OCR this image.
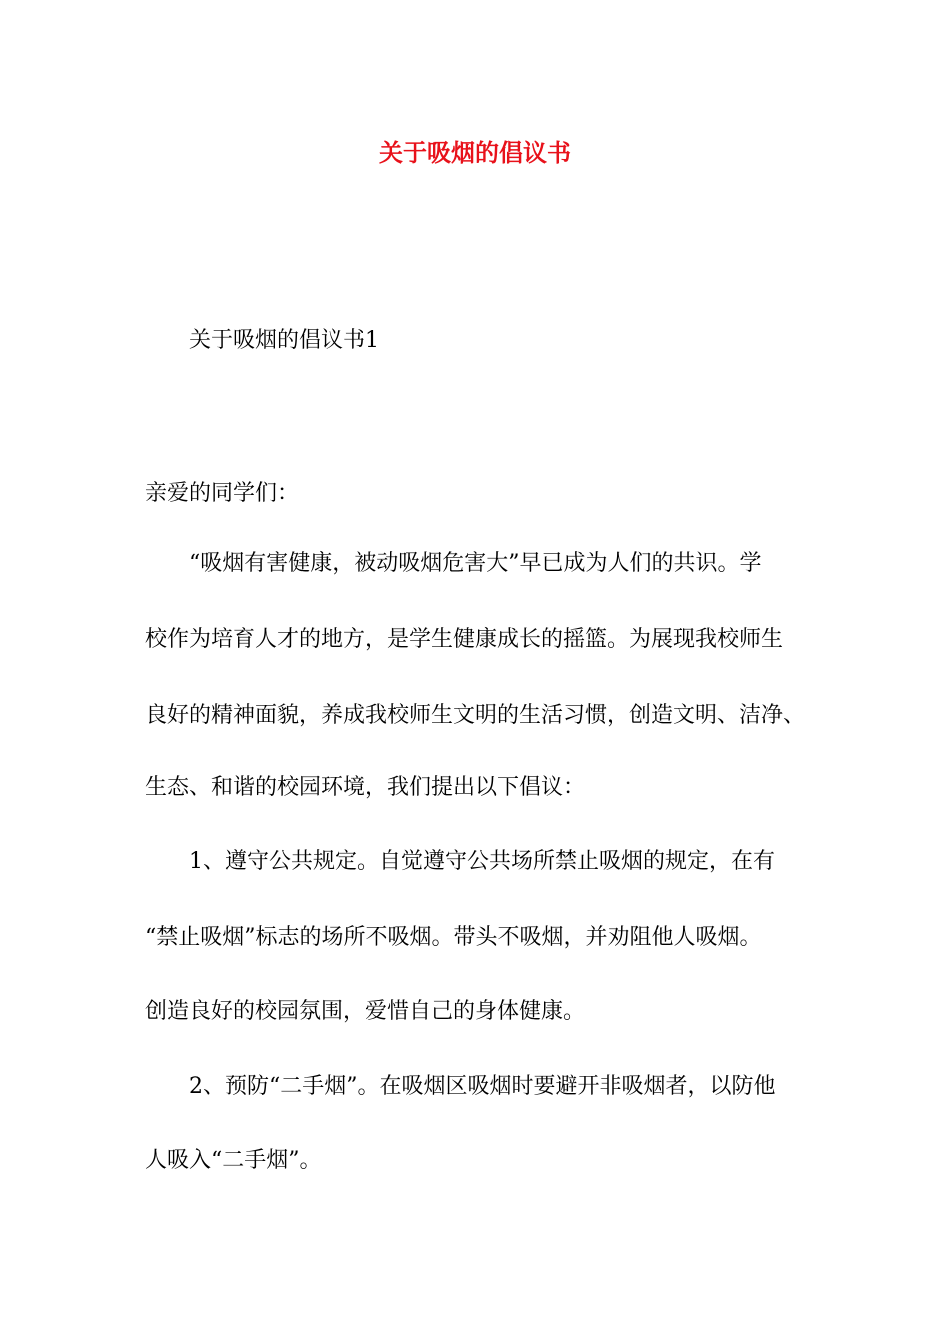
关于吸烟的倡议书

关于吸烟的倡议书1

亲爱的同学们：

“吸烟有害健康，被动吸烟危害大”早已成为人们的共识。学

校作为培育人才的地方，是学生健康成长的摇篮。为展现我校师生

良好的精神面貌，养成我校师生文明的生活习惯，创造文明、洁净、

生态、和谐的校园环境，我们提出以下倡议：

1、遵守公共规定。自觉遵守公共场所禁止吸烟的规定，在有

“禁止吸烟”标志的场所不吸烟。带头不吸烟，并劝阻他人吸烟。

创造良好的校园氛围，爱惜自己的身体健康。

2、预防“二手烟”。在吸烟区吸烟时要避开非吸烟者，以防他

人吸入“二手烟”。
